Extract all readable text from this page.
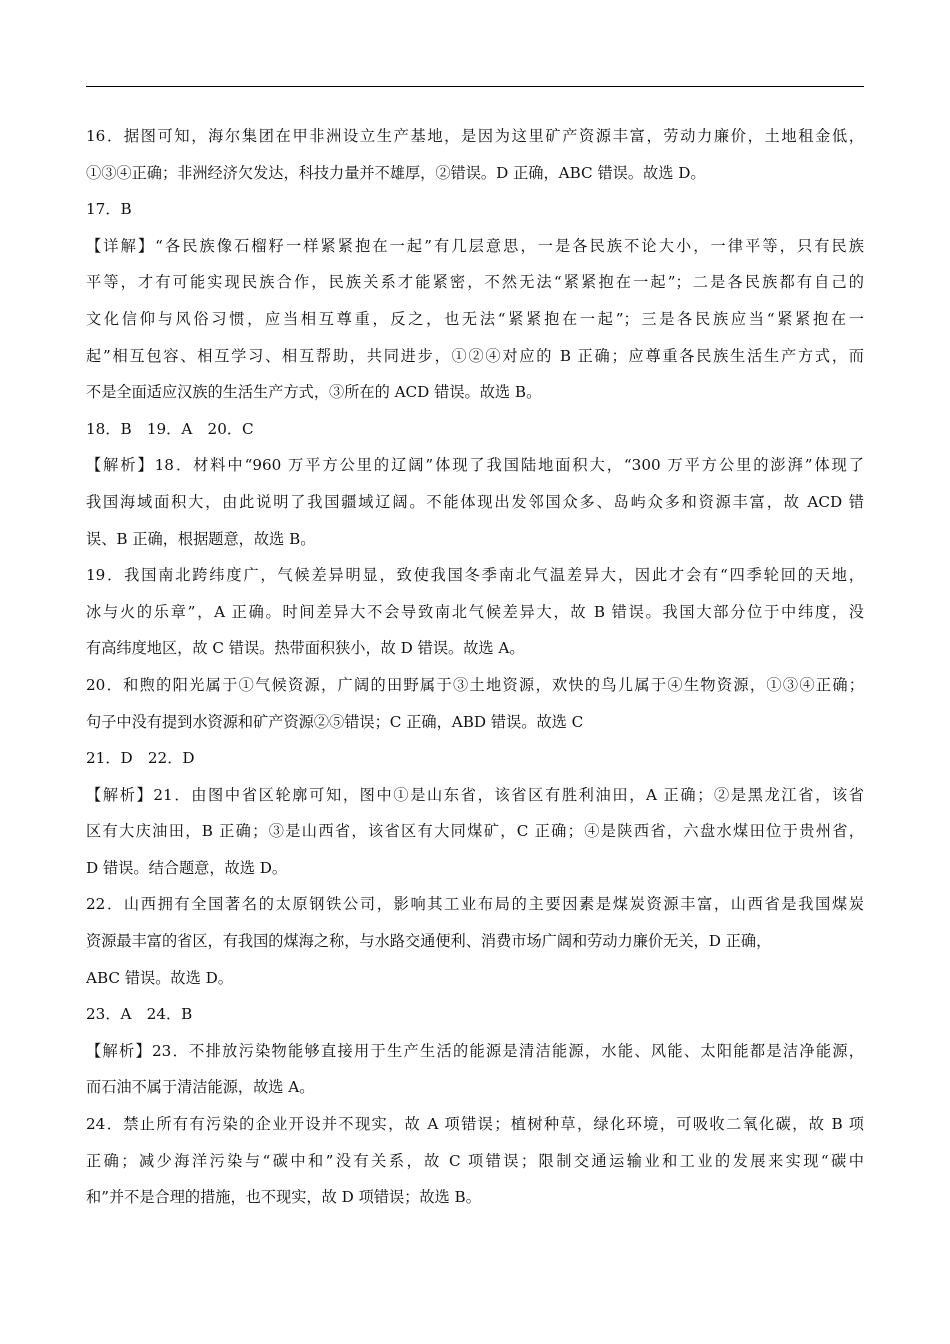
16．据图可知，海尔集团在甲非洲设立生产基地，是因为这里矿产资源丰富，劳动力廉价，土地租金低，
①③④正确；非洲经济欠发达，科技力量并不雄厚，②错误。D 正确，ABC 错误。故选 D。
17．B
【详解】“各民族像石榴籽一样紧紧抱在一起”有几层意思，一是各民族不论大小，一律平等，只有民族
平等，才有可能实现民族合作，民族关系才能紧密，不然无法“紧紧抱在一起”；二是各民族都有自己的
文化信仰与风俗习惯，应当相互尊重，反之，也无法“紧紧抱在一起”；三是各民族应当“紧紧抱在一
起”相互包容、相互学习、相互帮助，共同进步，①②④对应的 B 正确；应尊重各民族生活生产方式，而
不是全面适应汉族的生活生产方式，③所在的 ACD 错误。故选 B。
18．B　19．A　20．C
【解析】18．材料中“960 万平方公里的辽阔”体现了我国陆地面积大，“300 万平方公里的澎湃”体现了
我国海域面积大，由此说明了我国疆域辽阔。不能体现出发邻国众多、岛屿众多和资源丰富，故 ACD 错
误、B 正确，根据题意，故选 B。
19．我国南北跨纬度广，气候差异明显，致使我国冬季南北气温差异大，因此才会有“四季轮回的天地，
冰与火的乐章”，A 正确。时间差异大不会导致南北气候差异大，故 B 错误。我国大部分位于中纬度，没
有高纬度地区，故 C 错误。热带面积狭小，故 D 错误。故选 A。
20．和煦的阳光属于①气候资源，广阔的田野属于③土地资源，欢快的鸟儿属于④生物资源，①③④正确；
句子中没有提到水资源和矿产资源②⑤错误；C 正确，ABD 错误。故选 C
21．D　22．D
【解析】21．由图中省区轮廓可知，图中①是山东省，该省区有胜利油田，A 正确；②是黑龙江省，该省
区有大庆油田，B 正确；③是山西省，该省区有大同煤矿，C 正确；④是陕西省，六盘水煤田位于贵州省，
D 错误。结合题意，故选 D。
22．山西拥有全国著名的太原钢铁公司，影响其工业布局的主要因素是煤炭资源丰富，山西省是我国煤炭
资源最丰富的省区，有我国的煤海之称，与水路交通便利、消费市场广阔和劳动力廉价无关，D 正确，
ABC 错误。故选 D。
23．A　24．B
【解析】23．不排放污染物能够直接用于生产生活的能源是清洁能源，水能、风能、太阳能都是洁净能源，
而石油不属于清洁能源，故选 A。
24．禁止所有有污染的企业开设并不现实，故 A 项错误；植树种草，绿化环境，可吸收二氧化碳，故 B 项
正确；减少海洋污染与“碳中和”没有关系，故 C 项错误；限制交通运输业和工业的发展来实现“碳中
和”并不是合理的措施，也不现实，故 D 项错误；故选 B。
